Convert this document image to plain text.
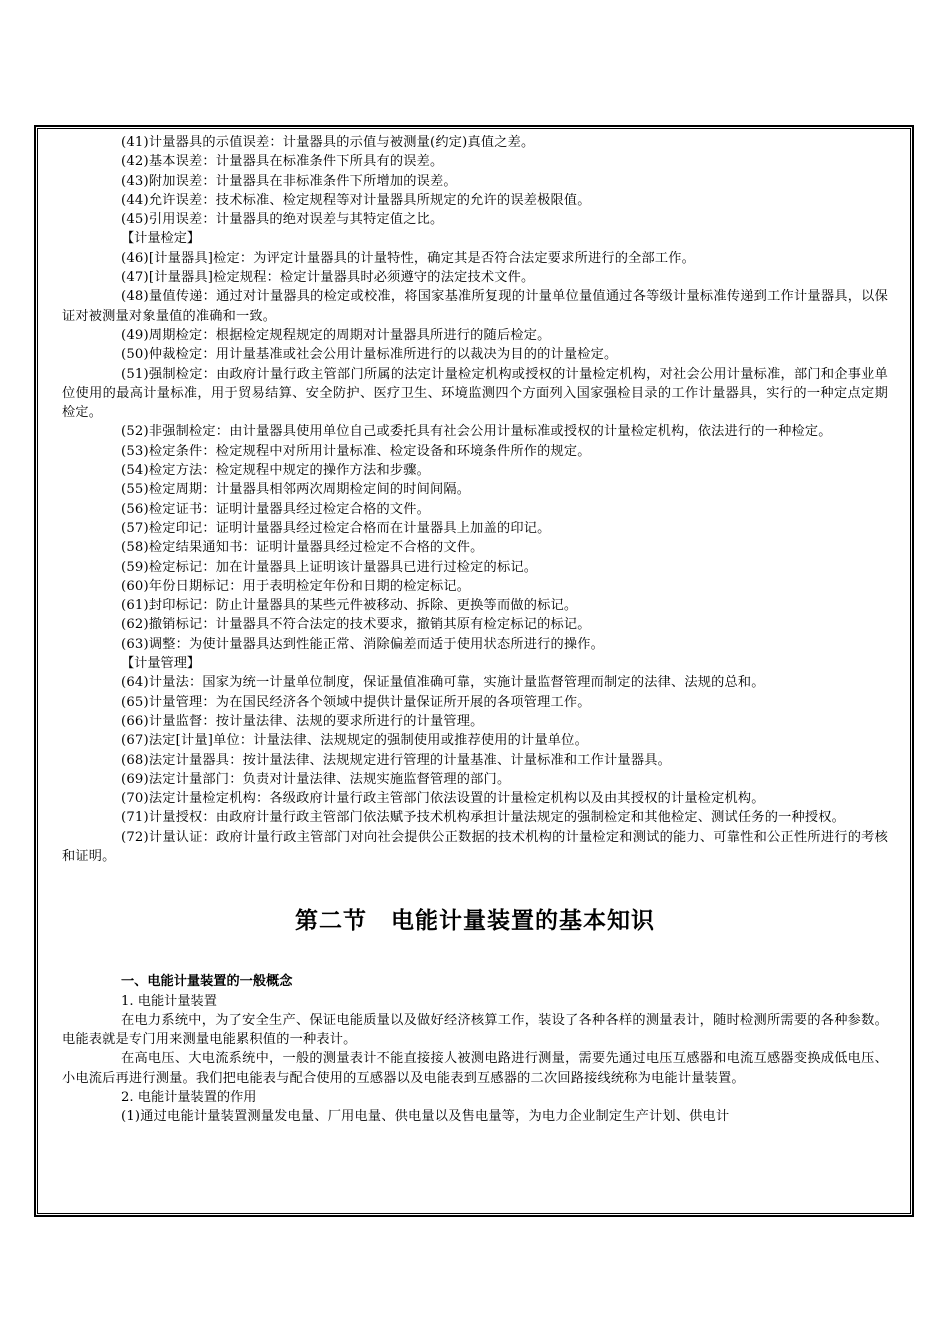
(41)计量器具的示值误差：计量器具的示值与被测量(约定)真值之差。
(42)基本误差：计量器具在标准条件下所具有的误差。
(43)附加误差：计量器具在非标准条件下所增加的误差。
(44)允许误差：技术标准、检定规程等对计量器具所规定的允许的误差极限值。
(45)引用误差：计量器具的绝对误差与其特定值之比。
【计量检定】
(46)[计量器具]检定：为评定计量器具的计量特性，确定其是否符合法定要求所进行的全部工作。
(47)[计量器具]检定规程：检定计量器具时必须遵守的法定技术文件。
(48)量值传递：通过对计量器具的检定或校准，将国家基准所复现的计量单位量值通过各等级计量标准传递到工作计量器具，以保证对被测量对象量值的准确和一致。
(49)周期检定：根据检定规程规定的周期对计量器具所进行的随后检定。
(50)仲裁检定：用计量基准或社会公用计量标准所进行的以裁决为目的的计量检定。
(51)强制检定：由政府计量行政主管部门所属的法定计量检定机构或授权的计量检定机构，对社会公用计量标准，部门和企事业单位使用的最高计量标准，用于贸易结算、安全防护、医疗卫生、环境监测四个方面列入国家强检目录的工作计量器具，实行的一种定点定期检定。
(52)非强制检定：由计量器具使用单位自己或委托具有社会公用计量标准或授权的计量检定机构，依法进行的一种检定。
(53)检定条件：检定规程中对所用计量标准、检定设备和环境条件所作的规定。
(54)检定方法：检定规程中规定的操作方法和步骤。
(55)检定周期：计量器具相邻两次周期检定间的时间间隔。
(56)检定证书：证明计量器具经过检定合格的文件。
(57)检定印记：证明计量器具经过检定合格而在计量器具上加盖的印记。
(58)检定结果通知书：证明计量器具经过检定不合格的文件。
(59)检定标记：加在计量器具上证明该计量器具已进行过检定的标记。
(60)年份日期标记：用于表明检定年份和日期的检定标记。
(61)封印标记：防止计量器具的某些元件被移动、拆除、更换等而做的标记。
(62)撤销标记：计量器具不符合法定的技术要求，撤销其原有检定标记的标记。
(63)调整：为使计量器具达到性能正常、消除偏差而适于使用状态所进行的操作。
【计量管理】
(64)计量法：国家为统一计量单位制度，保证量值准确可靠，实施计量监督管理而制定的法律、法规的总和。
(65)计量管理：为在国民经济各个领域中提供计量保证所开展的各项管理工作。
(66)计量监督：按计量法律、法规的要求所进行的计量管理。
(67)法定[计量]单位：计量法律、法规规定的强制使用或推荐使用的计量单位。
(68)法定计量器具：按计量法律、法规规定进行管理的计量基准、计量标准和工作计量器具。
(69)法定计量部门：负责对计量法律、法规实施监督管理的部门。
(70)法定计量检定机构：各级政府计量行政主管部门依法设置的计量检定机构以及由其授权的计量检定机构。
(71)计量授权：由政府计量行政主管部门依法赋予技术机构承担计量法规定的强制检定和其他检定、测试任务的一种授权。
(72)计量认证：政府计量行政主管部门对向社会提供公正数据的技术机构的计量检定和测试的能力、可靠性和公正性所进行的考核和证明。
第二节　电能计量装置的基本知识
一、电能计量装置的一般概念
1. 电能计量装置
在电力系统中，为了安全生产、保证电能质量以及做好经济核算工作，装设了各种各样的测量表计，随时检测所需要的各种参数。电能表就是专门用来测量电能累积值的一种表计。
在高电压、大电流系统中，一般的测量表计不能直接接人被测电路进行测量，需要先通过电压互感器和电流互感器变换成低电压、小电流后再进行测量。我们把电能表与配合使用的互感器以及电能表到互感器的二次回路接线统称为电能计量装置。
2. 电能计量装置的作用
(1)通过电能计量装置测量发电量、厂用电量、供电量以及售电量等，为电力企业制定生产计划、供电计
